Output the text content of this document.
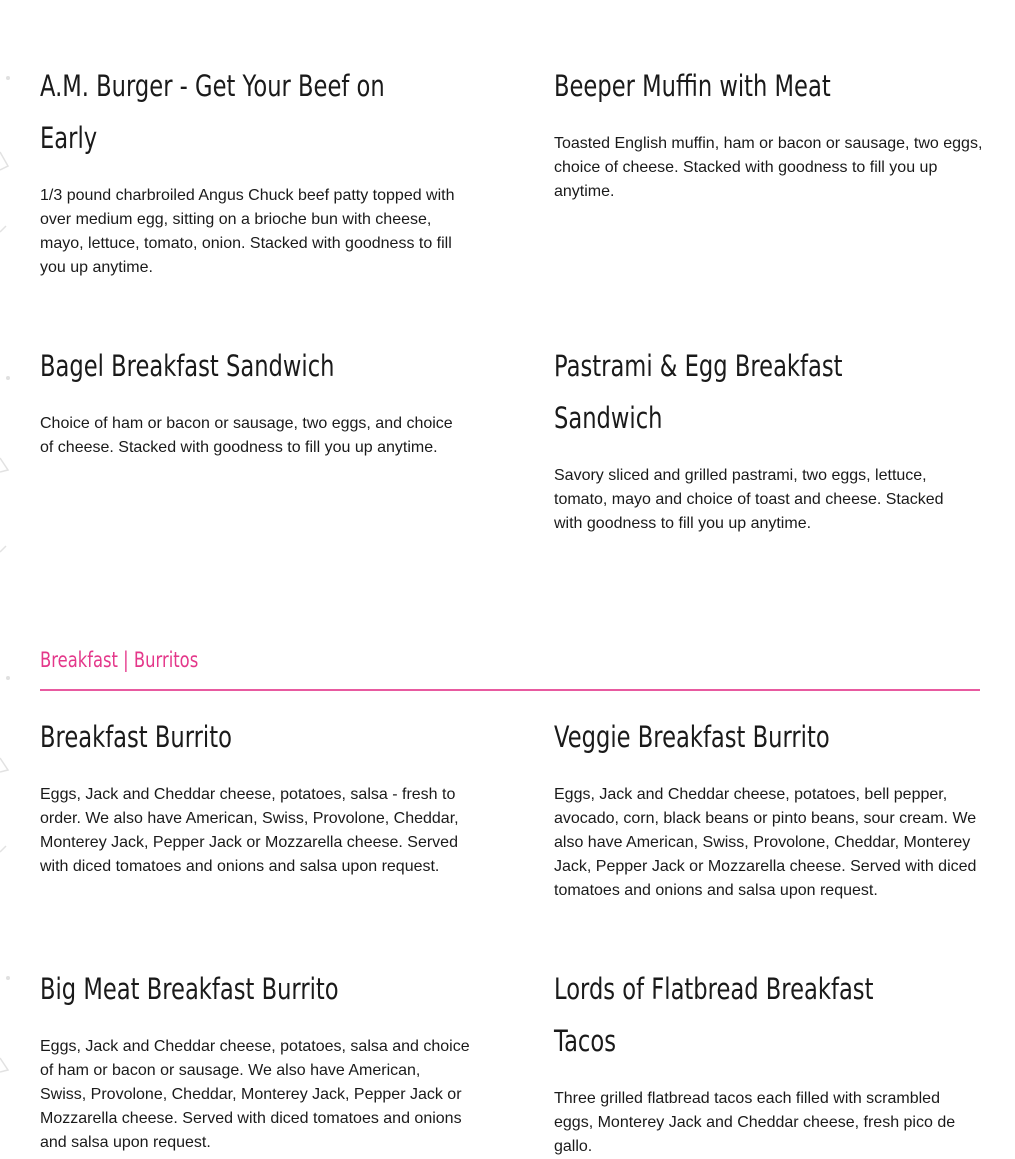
A.M. Burger - Get Your Beef on Early

1/3 pound charbroiled Angus Chuck beef patty topped with over medium egg, sitting on a brioche bun with cheese, mayo, lettuce, tomato, onion. Stacked with goodness to fill you up anytime.

Beeper Muffin with Meat

Toasted English muffin, ham or bacon or sausage, two eggs, choice of cheese. Stacked with goodness to fill you up anytime.

Bagel Breakfast Sandwich

Choice of ham or bacon or sausage, two eggs, and choice of cheese. Stacked with goodness to fill you up anytime.

Pastrami & Egg Breakfast Sandwich

Savory sliced and grilled pastrami, two eggs, lettuce, tomato, mayo and choice of toast and cheese. Stacked with goodness to fill you up anytime.

Breakfast | Burritos
Breakfast Burrito

Eggs, Jack and Cheddar cheese, potatoes, salsa - fresh to order. We also have American, Swiss, Provolone, Cheddar, Monterey Jack, Pepper Jack or Mozzarella cheese. Served with diced tomatoes and onions and salsa upon request.

Veggie Breakfast Burrito

Eggs, Jack and Cheddar cheese, potatoes, bell pepper, avocado, corn, black beans or pinto beans, sour cream. We also have American, Swiss, Provolone, Cheddar, Monterey Jack, Pepper Jack or Mozzarella cheese. Served with diced tomatoes and onions and salsa upon request.

Big Meat Breakfast Burrito

Eggs, Jack and Cheddar cheese, potatoes, salsa and choice of ham or bacon or sausage. We also have American, Swiss, Provolone, Cheddar, Monterey Jack, Pepper Jack or Mozzarella cheese. Served with diced tomatoes and onions and salsa upon request.

Lords of Flatbread Breakfast Tacos

Three grilled flatbread tacos each filled with scrambled eggs, Monterey Jack and Cheddar cheese, fresh pico de gallo.
